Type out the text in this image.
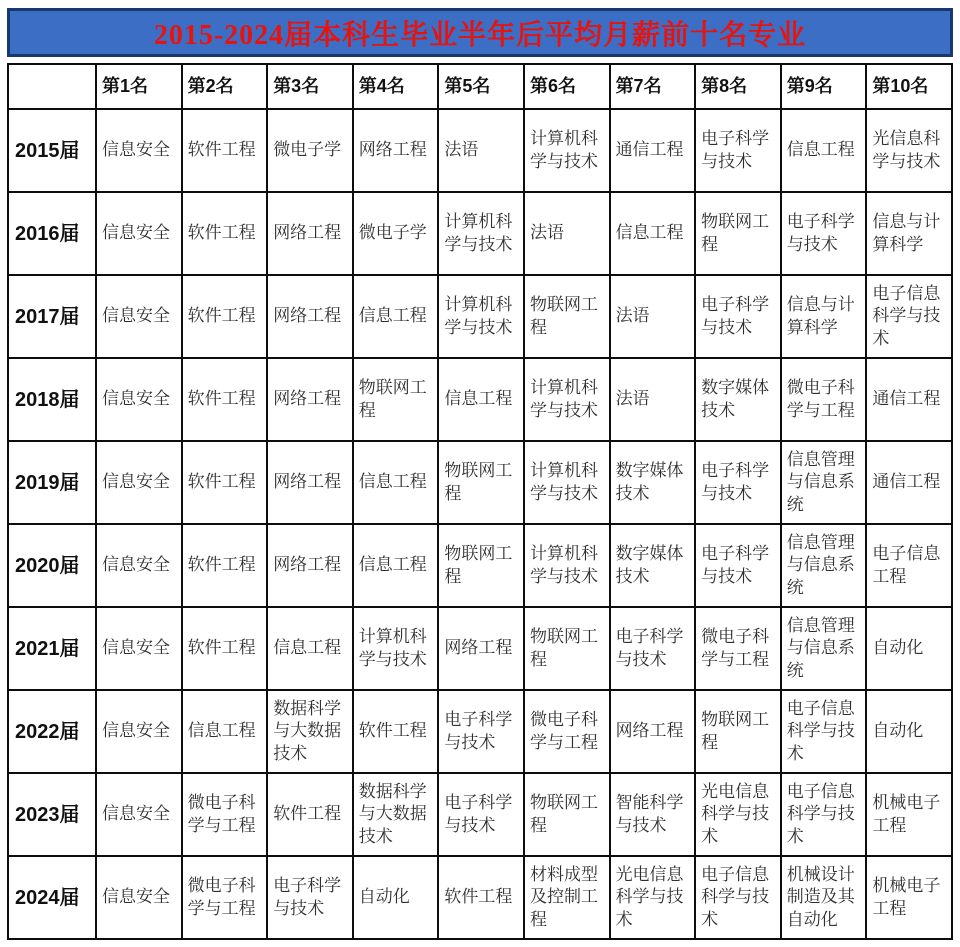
2015-2024届本科生毕业半年后平均月薪前十名专业
	第1名	第2名	第3名	第4名	第5名	第6名	第7名	第8名	第9名	第10名
2015届	信息安全	软件工程	微电子学	网络工程	法语	计算机科学与技术	通信工程	电子科学与技术	信息工程	光信息科学与技术
2016届	信息安全	软件工程	网络工程	微电子学	计算机科学与技术	法语	信息工程	物联网工程	电子科学与技术	信息与计算科学
2017届	信息安全	软件工程	网络工程	信息工程	计算机科学与技术	物联网工程	法语	电子科学与技术	信息与计算科学	电子信息科学与技术
2018届	信息安全	软件工程	网络工程	物联网工程	信息工程	计算机科学与技术	法语	数字媒体技术	微电子科学与工程	通信工程
2019届	信息安全	软件工程	网络工程	信息工程	物联网工程	计算机科学与技术	数字媒体技术	电子科学与技术	信息管理与信息系统	通信工程
2020届	信息安全	软件工程	网络工程	信息工程	物联网工程	计算机科学与技术	数字媒体技术	电子科学与技术	信息管理与信息系统	电子信息工程
2021届	信息安全	软件工程	信息工程	计算机科学与技术	网络工程	物联网工程	电子科学与技术	微电子科学与工程	信息管理与信息系统	自动化
2022届	信息安全	信息工程	数据科学与大数据技术	软件工程	电子科学与技术	微电子科学与工程	网络工程	物联网工程	电子信息科学与技术	自动化
2023届	信息安全	微电子科学与工程	软件工程	数据科学与大数据技术	电子科学与技术	物联网工程	智能科学与技术	光电信息科学与技术	电子信息科学与技术	机械电子工程
2024届	信息安全	微电子科学与工程	电子科学与技术	自动化	软件工程	材料成型及控制工程	光电信息科学与技术	电子信息科学与技术	机械设计制造及其自动化	机械电子工程
